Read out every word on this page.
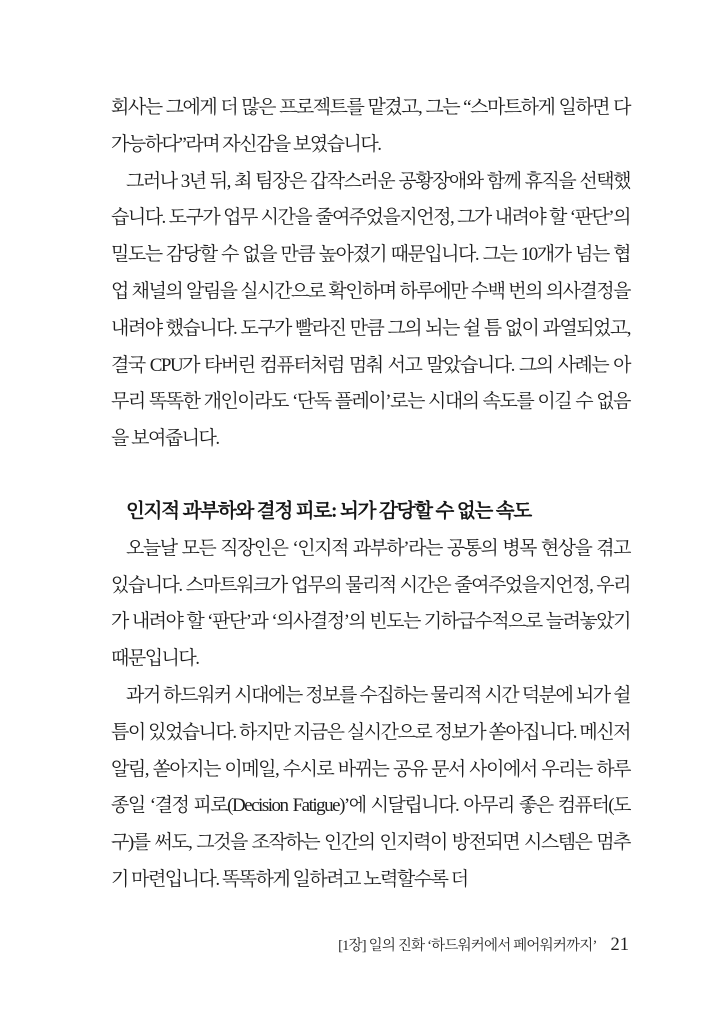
회사는 그에게 더 많은 프로젝트를 맡겼고, 그는 “스마트하게 일하면 다 가능하다”라며 자신감을 보였습니다.

그러나 3년 뒤, 최 팀장은 갑작스러운 공황장애와 함께 휴직을 선택했습니다. 도구가 업무 시간을 줄여주었을지언정, 그가 내려야 할 ‘판단’의 밀도는 감당할 수 없을 만큼 높아졌기 때문입니다. 그는 10개가 넘는 협업 채널의 알림을 실시간으로 확인하며 하루에만 수백 번의 의사결정을 내려야 했습니다. 도구가 빨라진 만큼 그의 뇌는 쉴 틈 없이 과열되었고, 결국 CPU가 타버린 컴퓨터처럼 멈춰 서고 말았습니다. 그의 사례는 아무리 똑똑한 개인이라도 ‘단독 플레이’로는 시대의 속도를 이길 수 없음을 보여줍니다.

인지적 과부하와 결정 피로: 뇌가 감당할 수 없는 속도

오늘날 모든 직장인은 ‘인지적 과부하’라는 공통의 병목 현상을 겪고 있습니다. 스마트워크가 업무의 물리적 시간은 줄여주었을지언정, 우리가 내려야 할 ‘판단’과 ‘의사결정’의 빈도는 기하급수적으로 늘려놓았기 때문입니다.

과거 하드워커 시대에는 정보를 수집하는 물리적 시간 덕분에 뇌가 쉴 틈이 있었습니다. 하지만 지금은 실시간으로 정보가 쏟아집니다. 메신저 알림, 쏟아지는 이메일, 수시로 바뀌는 공유 문서 사이에서 우리는 하루 종일 ‘결정 피로(Decision Fatigue)’에 시달립니다. 아무리 좋은 컴퓨터(도구)를 써도, 그것을 조작하는 인간의 인지력이 방전되면 시스템은 멈추기 마련입니다. 똑똑하게 일하려고 노력할수록 더

[1장] 일의 진화 ‘하드워커에서 페어워커까지’ 21
